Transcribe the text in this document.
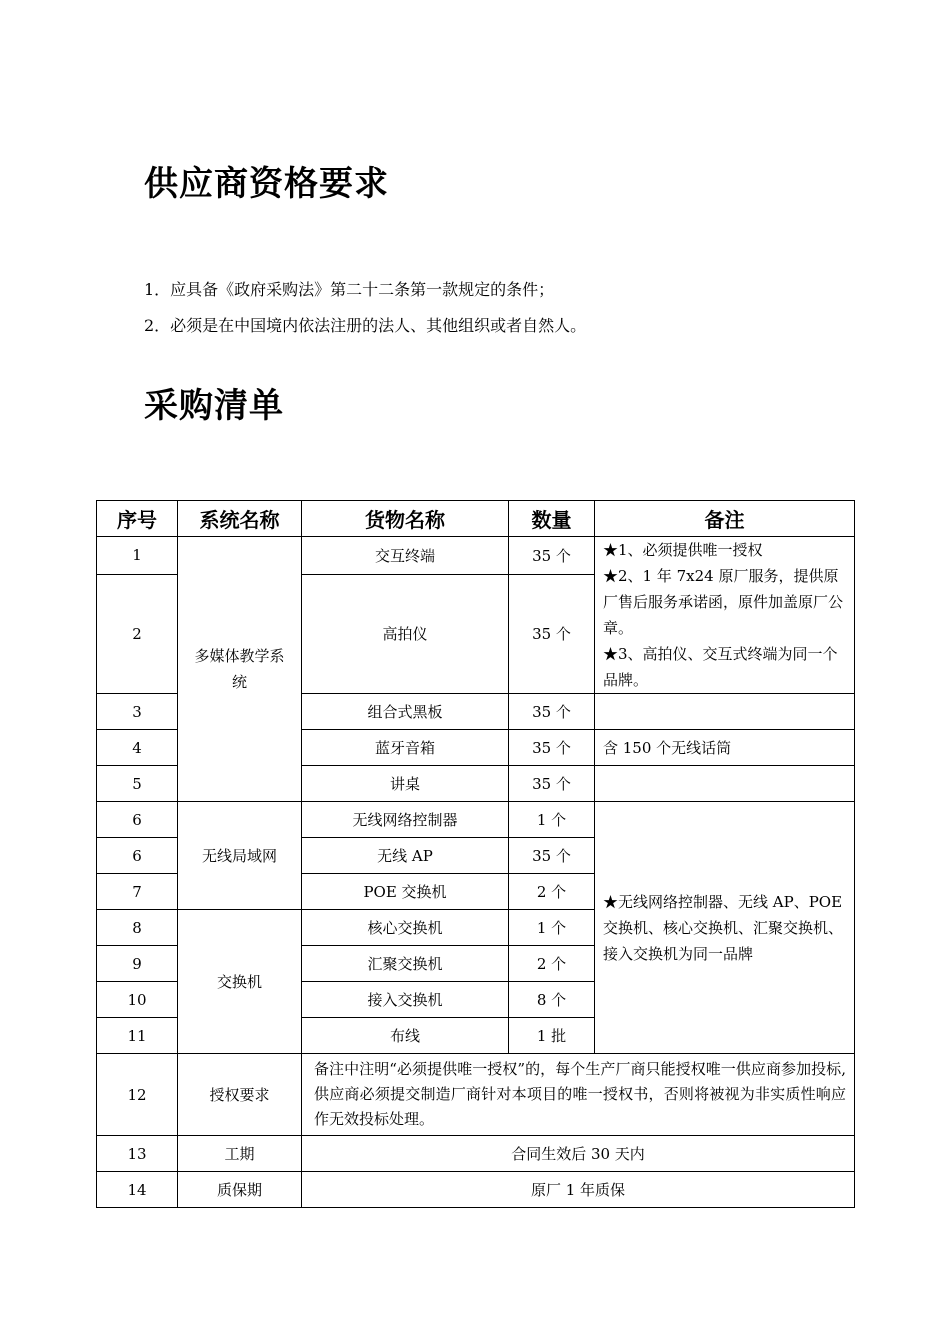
供应商资格要求

1．应具备《政府采购法》第二十二条第一款规定的条件；

2．必须是在中国境内依法注册的法人、其他组织或者自然人。

采购清单
序号	系统名称	货物名称	数量	备注
1	多媒体教学系统	交互终端	35 个	★1、必须提供唯一授权
★2、1 年 7x24 原厂服务，提供原厂售后服务承诺函，原件加盖原厂公章。
★3、高拍仪、交互式终端为同一个品牌。

2		高拍仪	35 个	
3		组合式黑板	35 个	
4		蓝牙音箱	35 个	含 150 个无线话筒
5		讲桌	35 个	
6	无线局域网	无线网络控制器	1 个	★无线网络控制器、无线 AP、POE 交换机、核心交换机、汇聚交换机、接入交换机为同一品牌
6		无线 AP	35 个	
7		POE 交换机	2 个	
8	交换机	核心交换机	1 个	
9		汇聚交换机	2 个	
10		接入交换机	8 个	
11		布线	1 批	
12	授权要求	备注中注明“必须提供唯一授权”的，每个生产厂商只能授权唯一供应商参加投标,供应商必须提交制造厂商针对本项目的唯一授权书，否则将被视为非实质性响应作无效投标处理。		
13	工期	合同生效后 30 天内		
14	质保期	原厂 1 年质保		
